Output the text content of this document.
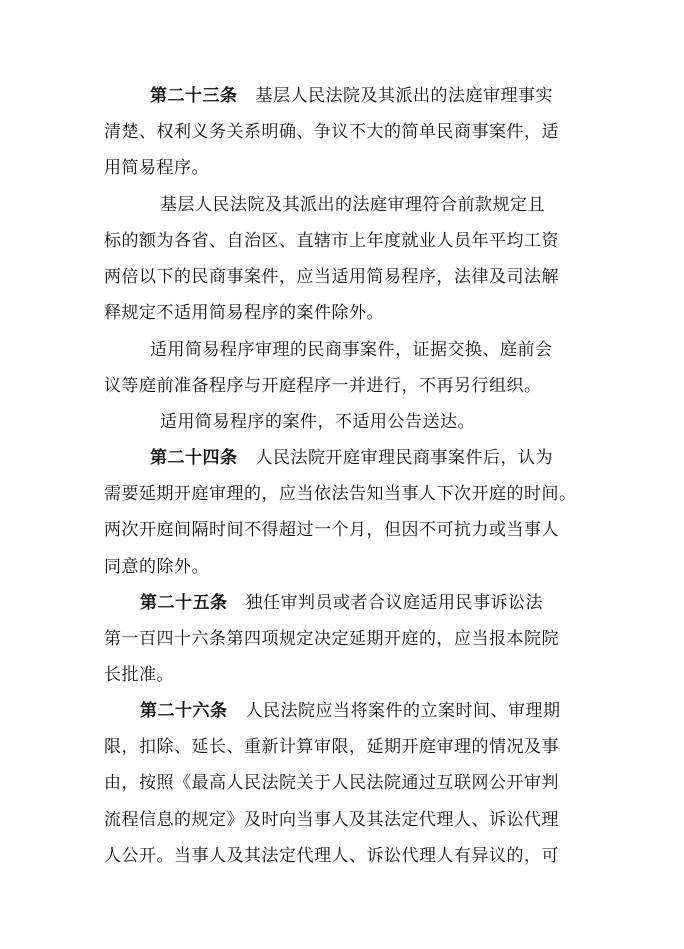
第二十三条 基层人民法院及其派出的法庭审理事实
清楚、权利义务关系明确、争议不大的简单民商事案件，适
用简易程序。
基层人民法院及其派出的法庭审理符合前款规定且
标的额为各省、自治区、直辖市上年度就业人员年平均工资
两倍以下的民商事案件，应当适用简易程序，法律及司法解
释规定不适用简易程序的案件除外。
适用简易程序审理的民商事案件，证据交换、庭前会
议等庭前准备程序与开庭程序一并进行，不再另行组织。
适用简易程序的案件，不适用公告送达。
第二十四条 人民法院开庭审理民商事案件后，认为
需要延期开庭审理的，应当依法告知当事人下次开庭的时间。
两次开庭间隔时间不得超过一个月，但因不可抗力或当事人
同意的除外。
第二十五条 独任审判员或者合议庭适用民事诉讼法
第一百四十六条第四项规定决定延期开庭的，应当报本院院
长批准。
第二十六条 人民法院应当将案件的立案时间、审理期
限，扣除、延长、重新计算审限，延期开庭审理的情况及事
由，按照《最高人民法院关于人民法院通过互联网公开审判
流程信息的规定》及时向当事人及其法定代理人、诉讼代理
人公开。当事人及其法定代理人、诉讼代理人有异议的，可
